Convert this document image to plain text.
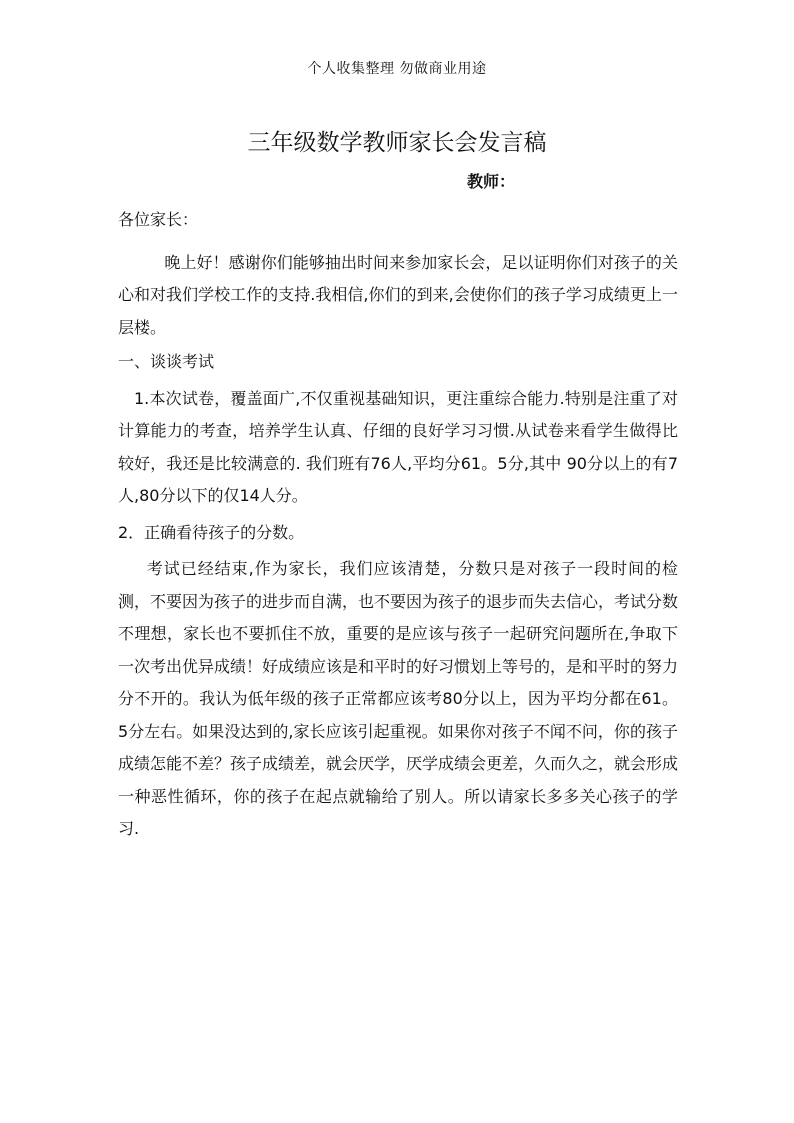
个人收集整理 勿做商业用途
三年级数学教师家长会发言稿
教师：

各位家长：

晚上好！感谢你们能够抽出时间来参加家长会，足以证明你们对孩子的关心和对我们学校工作的支持.我相信,你们的到来,会使你们的孩子学习成绩更上一层楼。

一、谈谈考试

1.本次试卷，覆盖面广,不仅重视基础知识，更注重综合能力.特别是注重了对计算能力的考查，培养学生认真、仔细的良好学习习惯.从试卷来看学生做得比较好，我还是比较满意的. 我们班有76人,平均分61。5分,其中 90分以上的有7人,80分以下的仅14人分。

2．正确看待孩子的分数。

考试已经结束,作为家长，我们应该清楚，分数只是对孩子一段时间的检测，不要因为孩子的进步而自满，也不要因为孩子的退步而失去信心，考试分数不理想，家长也不要抓住不放，重要的是应该与孩子一起研究问题所在,争取下一次考出优异成绩！好成绩应该是和平时的好习惯划上等号的，是和平时的努力分不开的。我认为低年级的孩子正常都应该考80分以上，因为平均分都在61。5分左右。如果没达到的,家长应该引起重视。如果你对孩子不闻不问，你的孩子成绩怎能不差？孩子成绩差，就会厌学，厌学成绩会更差，久而久之，就会形成一种恶性循环，你的孩子在起点就输给了别人。所以请家长多多关心孩子的学习.
